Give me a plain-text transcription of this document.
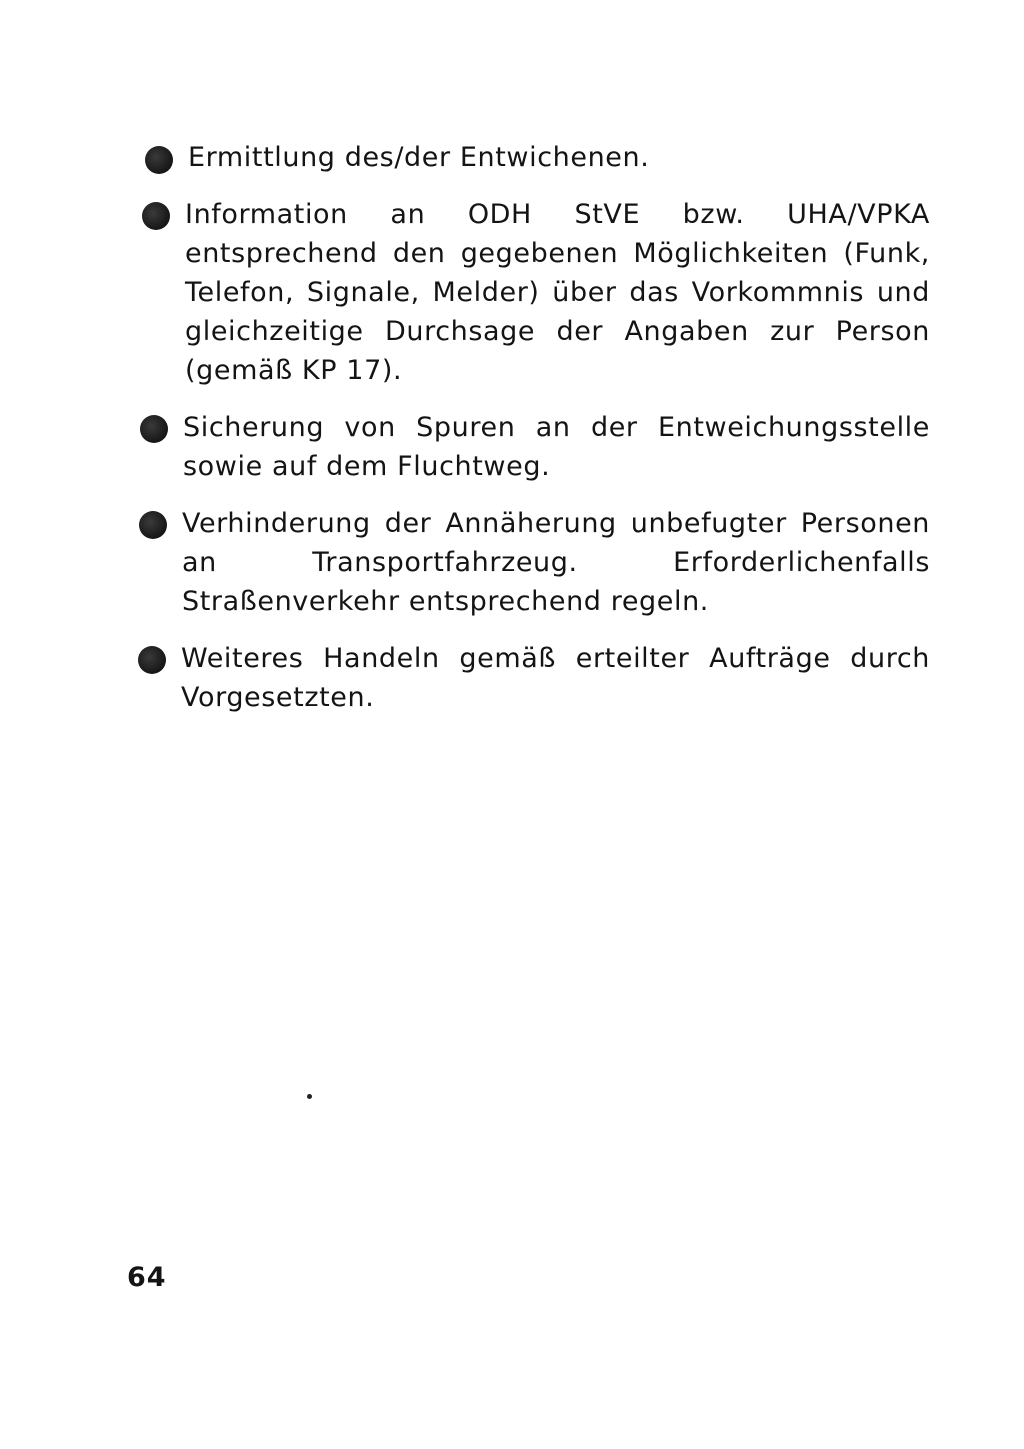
Ermittlung des/der Entwichenen.
Information an ODH StVE bzw. UHA/VPKA entsprechend den gegebenen Möglichkeiten (Funk, Telefon, Signale, Melder) über das Vorkommnis und gleichzeitige Durchsage der Angaben zur Person (gemäß KP 17).
Sicherung von Spuren an der Entweichungsstelle sowie auf dem Fluchtweg.
Verhinderung der Annäherung unbefugter Personen an Transportfahrzeug. Erforderlichenfalls Straßenverkehr entsprechend regeln.
Weiteres Handeln gemäß erteilter Aufträge durch Vorgesetzten.
64
